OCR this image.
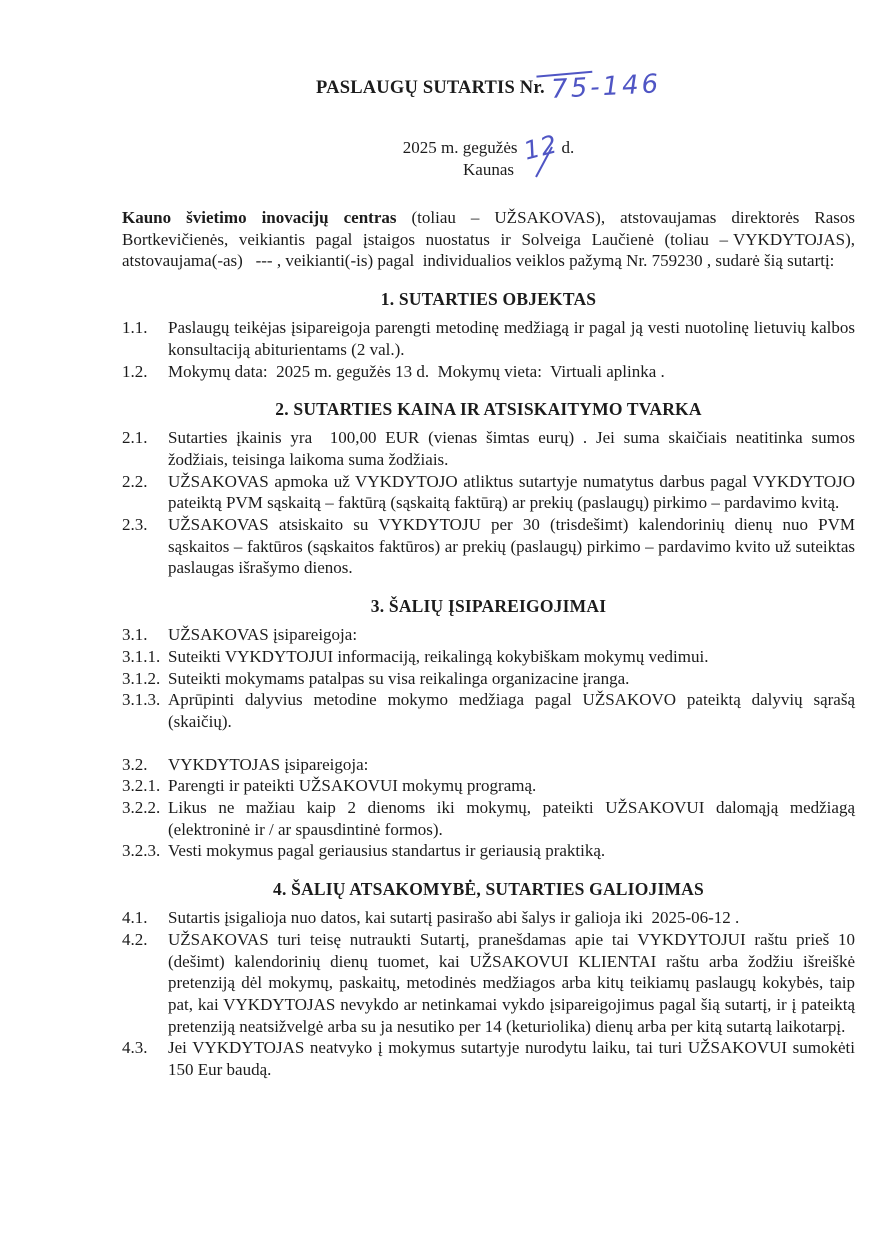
PASLAUGŲ SUTARTIS Nr. 75-146
2025 m. gegužės 12d.
Kaunas
Kauno švietimo inovacijų centras (toliau – UŽSAKOVAS), atstovaujamas direktorės Rasos Bortkevičienės,  veikiantis  pagal  įstaigos  nuostatus  ir  Solveiga  Laučienė  (toliau  – VYKDYTOJAS), atstovaujama(-as)   --- , veikianti(-is) pagal  individualios veiklos pažymą Nr. 759230 , sudarė šią sutartį:
1. SUTARTIES OBJEKTAS
1.1.	Paslaugų teikėjas įsipareigoja parengti metodinę medžiagą ir pagal ją vesti nuotolinę lietuvių kalbos konsultaciją abiturientams (2 val.).
1.2.	Mokymų data:  2025 m. gegužės 13 d.  Mokymų vieta:  Virtuali aplinka .
2. SUTARTIES KAINA IR ATSISKAITYMO TVARKA
2.1.	Sutarties įkainis yra  100,00 EUR (vienas šimtas eurų) . Jei suma skaičiais neatitinka sumos žodžiais, teisinga laikoma suma žodžiais.
2.2.	UŽSAKOVAS apmoka už VYKDYTOJO atliktus sutartyje numatytus darbus pagal VYKDYTOJO pateiktą PVM sąskaitą – faktūrą (sąskaitą faktūrą) ar prekių (paslaugų) pirkimo – pardavimo kvitą.
2.3.	UŽSAKOVAS atsiskaito su VYKDYTOJU per 30 (trisdešimt) kalendorinių dienų nuo PVM sąskaitos – faktūros (sąskaitos faktūros) ar prekių (paslaugų) pirkimo – pardavimo kvito už suteiktas paslaugas išrašymo dienos.
3. ŠALIŲ ĮSIPAREIGOJIMAI
3.1.	UŽSAKOVAS įsipareigoja:
3.1.1. Suteikti VYKDYTOJUI informaciją, reikalingą kokybiškam mokymų vedimui.
3.1.2. Suteikti mokymams patalpas su visa reikalinga organizacine įranga.
3.1.3. Aprūpinti dalyvius metodine mokymo medžiaga pagal UŽSAKOVO pateiktą dalyvių sąrašą (skaičių).
3.2.	VYKDYTOJAS įsipareigoja:
3.2.1. Parengti ir pateikti UŽSAKOVUI mokymų programą.
3.2.2. Likus ne mažiau kaip 2 dienoms iki mokymų, pateikti UŽSAKOVUI dalomąją medžiagą (elektroninė ir / ar spausdintinė formos).
3.2.3. Vesti mokymus pagal geriausius standartus ir geriausią praktiką.
4. ŠALIŲ ATSAKOMYBĖ, SUTARTIES GALIOJIMAS
4.1.	Sutartis įsigalioja nuo datos, kai sutartį pasirašo abi šalys ir galioja iki  2025-06-12 .
4.2.	UŽSAKOVAS turi teisę nutraukti Sutartį, pranešdamas apie tai VYKDYTOJUI raštu prieš 10 (dešimt) kalendorinių dienų tuomet, kai UŽSAKOVUI KLIENTAI raštu arba žodžiu išreiškė pretenziją dėl mokymų, paskaitų, metodinės medžiagos arba kitų teikiamų paslaugų kokybės, taip pat, kai VYKDYTOJAS nevykdo ar netinkamai vykdo įsipareigojimus pagal šią sutartį, ir į pateiktą pretenziją neatsižvelgė arba su ja nesutiko per 14 (keturiolika) dienų arba per kitą sutartą laikotarpį.
4.3.	Jei VYKDYTOJAS neatvyko į mokymus sutartyje nurodytu laiku, tai turi UŽSAKOVUI sumokėti 150 Eur baudą.
